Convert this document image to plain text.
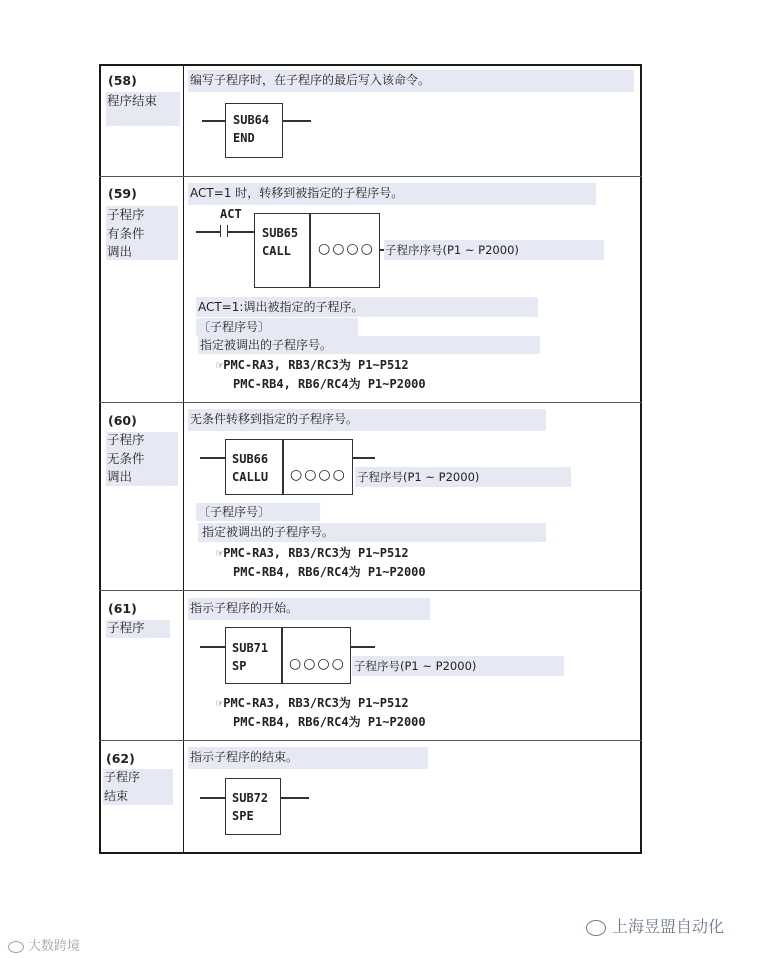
(58)
程序结束
编写子程序时，在子程序的最后写入该命令。
SUB64
END
(59)
子程序
有条件
调出
ACT=1 时，转移到被指定的子程序号。
ACT
SUB65
CALL ○○○○ 子程序序号(P1 ~ P2000)
ACT=1:调出被指定的子程序。
〔子程序号〕
指定被调出的子程序号。
☞PMC-RA3, RB3/RC3为 P1~P512
PMC-RB4, RB6/RC4为 P1~P2000
(60)
子程序
无条件
调出
无条件转移到指定的子程序号。
SUB66
CALLU ○○○○ 子程序号(P1 ~ P2000)
〔子程序号〕
指定被调出的子程序号。
☞PMC-RA3, RB3/RC3为 P1~P512
PMC-RB4, RB6/RC4为 P1~P2000
(61)
子程序
指示子程序的开始。
SUB71
SP	○○○○ 子程序号(P1 ~ P2000)
☞PMC-RA3, RB3/RC3为 P1~P512
PMC-RB4, RB6/RC4为 P1~P2000
(62)
子程序
结束
指示子程序的结束。
SUB72
SPE
上海昱盟自动化
大数跨境
